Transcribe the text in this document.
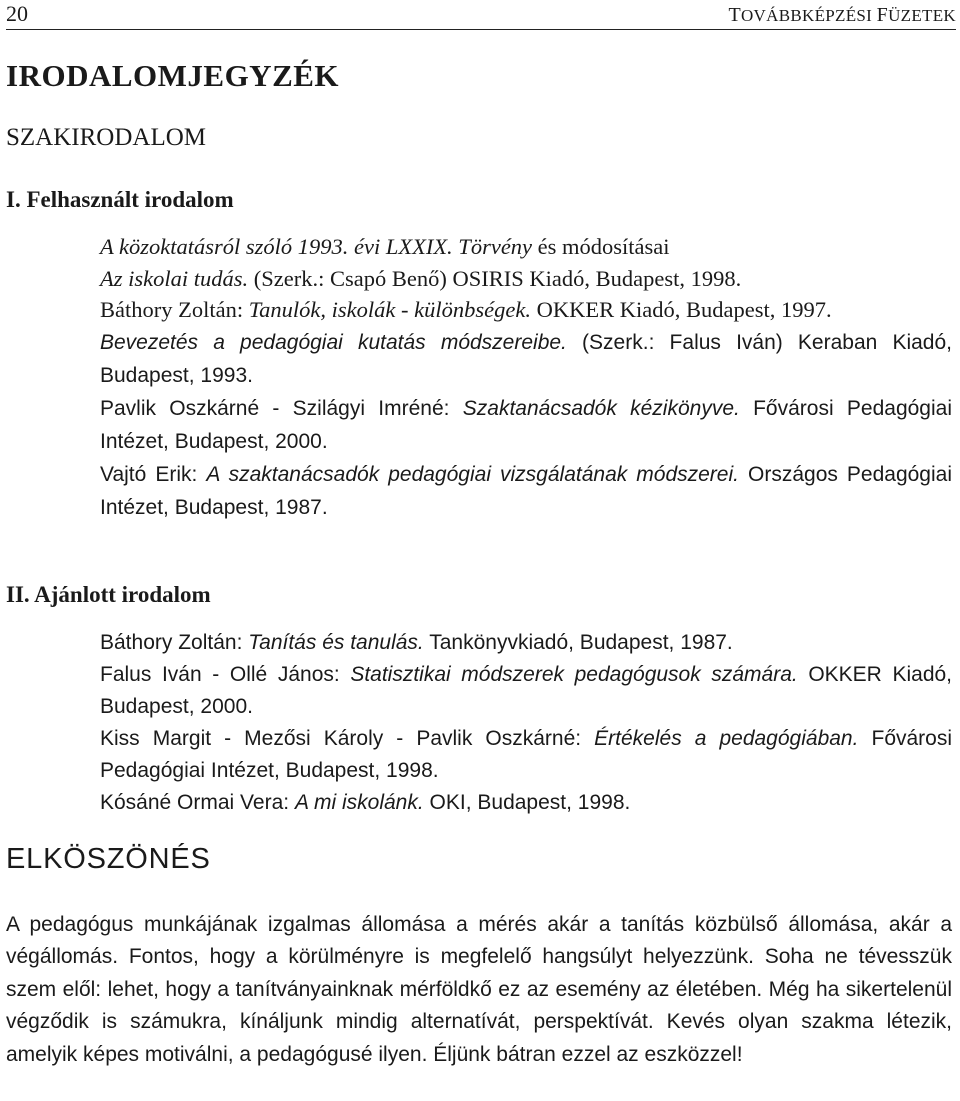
20	TOVÁBBKÉPZÉSI FÜZETEK
IRODALOMJEGYZÉK
SZAKIRODALOM
I. Felhasznált irodalom

A közoktatásról szóló 1993. évi LXXIX. Törvény és módosításai

Az iskolai tudás. (Szerk.: Csapó Benő) OSIRIS Kiadó, Budapest, 1998.

Báthory Zoltán: Tanulók, iskolák - különbségek. OKKER Kiadó, Budapest, 1997.

Bevezetés a pedagógiai kutatás módszereibe. (Szerk.: Falus Iván) Keraban Kiadó, Budapest, 1993.

Pavlik Oszkárné - Szilágyi Imréné: Szaktanácsadók kézikönyve. Fővárosi Pedagógiai Intézet, Budapest, 2000.

Vajtó Erik: A szaktanácsadók pedagógiai vizsgálatának módszerei. Országos Pedagógiai Intézet, Budapest, 1987.

II. Ajánlott irodalom

Báthory Zoltán: Tanítás és tanulás. Tankönyvkiadó, Budapest, 1987.

Falus Iván - Ollé János: Statisztikai módszerek pedagógusok számára. OKKER Kiadó, Budapest, 2000.

Kiss Margit - Mezősi Károly - Pavlik Oszkárné: Értékelés a pedagógiában. Fővárosi Pedagógiai Intézet, Budapest, 1998.

Kósáné Ormai Vera: A mi iskolánk. OKI, Budapest, 1998.

ELKÖSZÖNÉS

A pedagógus munkájának izgalmas állomása a mérés akár a tanítás közbülső állomása, akár a végállomás. Fontos, hogy a körülményre is megfelelő hangsúlyt helyezzünk. Soha ne tévesszük szem elől: lehet, hogy a tanítványainknak mérföldkő ez az esemény az életében. Még ha sikertelenül végződik is számukra, kínáljunk mindig alternatívát, perspektívát. Kevés olyan szakma létezik, amelyik képes motiválni, a pedagógusé ilyen. Éljünk bátran ezzel az eszközzel!
